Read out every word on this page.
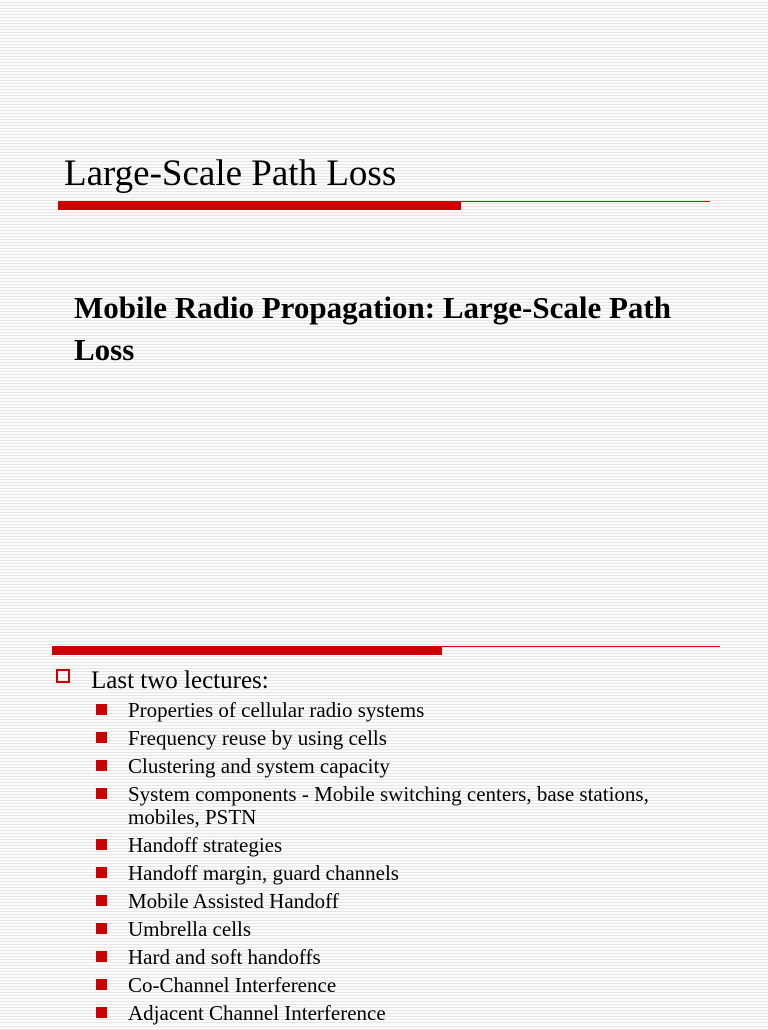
Large-Scale Path Loss
Mobile Radio Propagation: Large-Scale Path Loss
Last two lectures:
Properties of cellular radio systems
Frequency reuse by using cells
Clustering and system capacity
System components - Mobile switching centers, base stations, mobiles, PSTN
Handoff strategies
Handoff margin, guard channels
Mobile Assisted Handoff
Umbrella cells
Hard and soft handoffs
Co-Channel Interference
Adjacent Channel Interference
